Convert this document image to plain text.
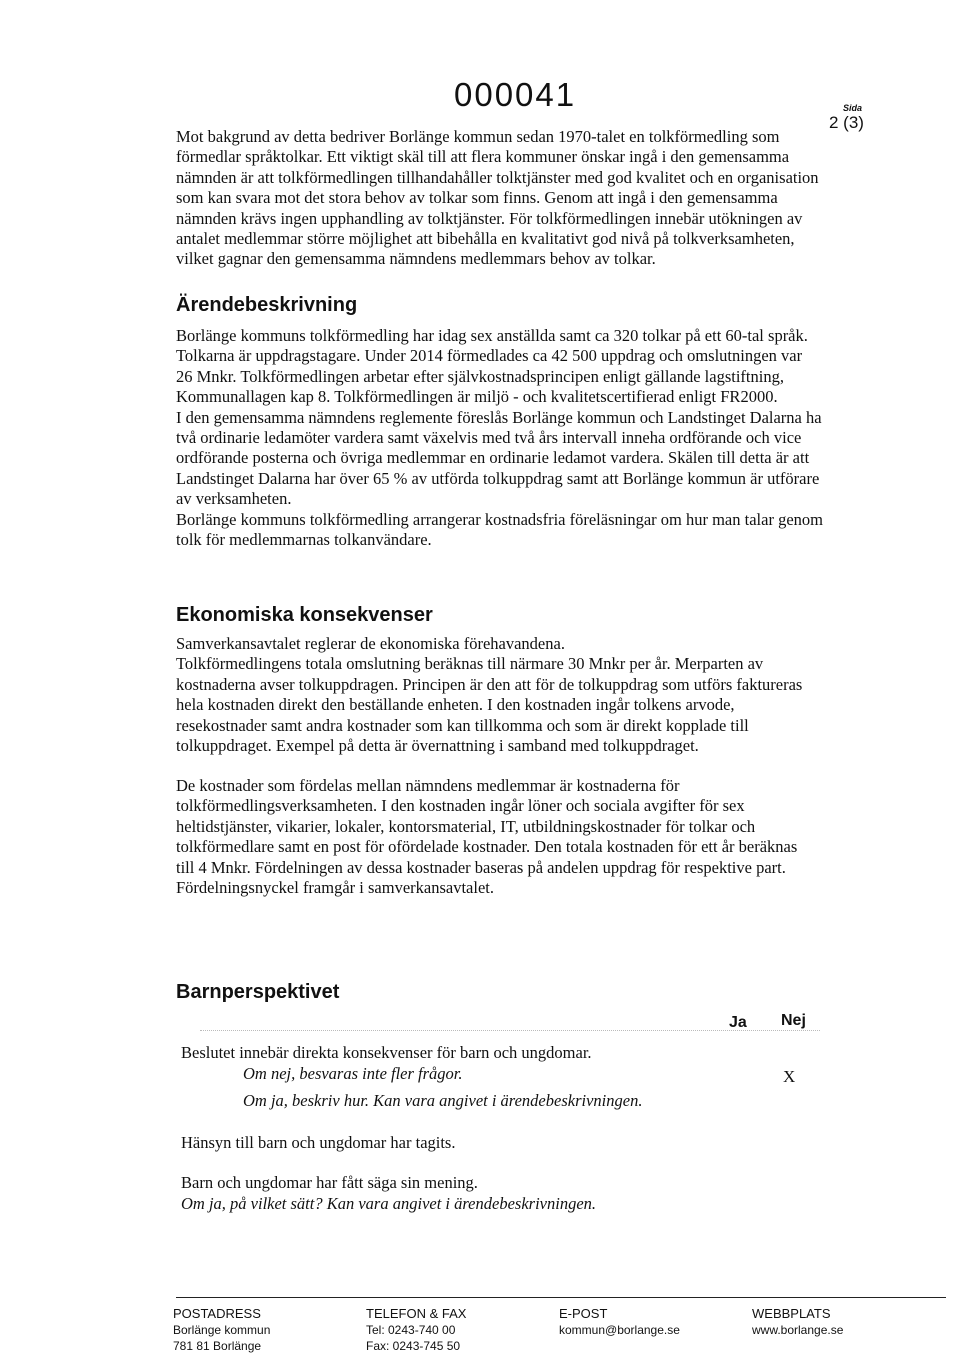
000041	Sida
2 (3)
Mot bakgrund av detta bedriver Borlänge kommun sedan 1970-talet en tolkförmedling som
förmedlar språktolkar. Ett viktigt skäl till att flera kommuner önskar ingå i den gemensamma
nämnden är att tolkförmedlingen tillhandahåller tolktjänster med god kvalitet och en organisation
som kan svara mot det stora behov av tolkar som finns. Genom att ingå i den gemensamma
nämnden krävs ingen upphandling av tolktjänster. För tolkförmedlingen innebär utökningen av
antalet medlemmar större möjlighet att bibehålla en kvalitativt god nivå på tolkverksamheten,
vilket gagnar den gemensamma nämndens medlemmars behov av tolkar.
Ärendebeskrivning
Borlänge kommuns tolkförmedling har idag sex anställda samt ca 320 tolkar på ett 60-tal språk.
Tolkarna är uppdragstagare. Under 2014 förmedlades ca 42 500 uppdrag och omslutningen var
26 Mnkr. Tolkförmedlingen arbetar efter självkostnadsprincipen enligt gällande lagstiftning,
Kommunallagen kap 8. Tolkförmedlingen är miljö - och kvalitetscertifierad enligt FR2000.
I den gemensamma nämndens reglemente föreslås Borlänge kommun och Landstinget Dalarna ha
två ordinarie ledamöter vardera samt växelvis med två års intervall inneha ordförande och vice
ordförande posterna och övriga medlemmar en ordinarie ledamot vardera. Skälen till detta är att
Landstinget Dalarna har över 65 % av utförda tolkuppdrag samt att Borlänge kommun är utförare
av verksamheten.
Borlänge kommuns tolkförmedling arrangerar kostnadsfria föreläsningar om hur man talar genom
tolk för medlemmarnas tolkanvändare.
Ekonomiska konsekvenser
Samverkansavtalet reglerar de ekonomiska förehavandena.
Tolkförmedlingens totala omslutning beräknas till närmare 30 Mnkr per år. Merparten av
kostnaderna avser tolkuppdragen. Principen är den att för de tolkuppdrag som utförs faktureras
hela kostnaden direkt den beställande enheten. I den kostnaden ingår tolkens arvode,
resekostnader samt andra kostnader som kan tillkomma och som är direkt kopplade till
tolkuppdraget. Exempel på detta är övernattning i samband med tolkuppdraget.
De kostnader som fördelas mellan nämndens medlemmar är kostnaderna för
tolkförmedlingsverksamheten. I den kostnaden ingår löner och sociala avgifter för sex
heltidstjänster, vikarier, lokaler, kontorsmaterial, IT, utbildningskostnader för tolkar och
tolkförmedlare samt en post för ofördelade kostnader. Den totala kostnaden för ett år beräknas
till 4 Mnkr. Fördelningen av dessa kostnader baseras på andelen uppdrag för respektive part.
Fördelningsnyckel framgår i samverkansavtalet.
Barnperspektivet
Ja Nej
Beslutet innebär direkta konsekvenser för barn och ungdomar.
Om nej, besvaras inte fler frågor.	X
Om ja, beskriv hur. Kan vara angivet i ärendebeskrivningen.
Hänsyn till barn och ungdomar har tagits.
Barn och ungdomar har fått säga sin mening.
Om ja, på vilket sätt? Kan vara angivet i ärendebeskrivningen.
POSTADRESS
Borlänge kommun
781 81 Borlänge
TELEFON & FAX
Tel: 0243-740 00
Fax: 0243-745 50
E-POST
kommun@borlange.se
WEBBPLATS
www.borlange.se
